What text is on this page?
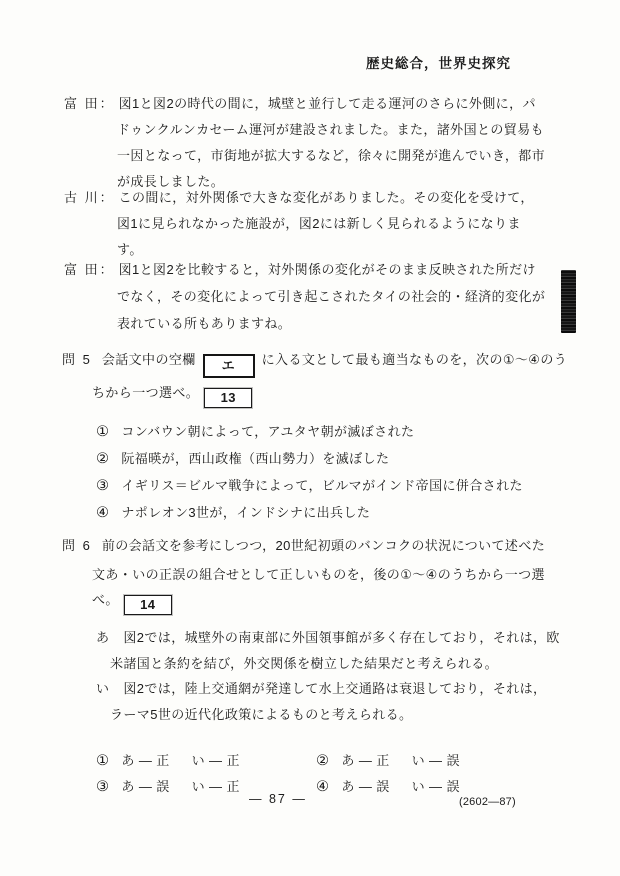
歴史総合，世界史探究
富 田： 図1と図2の時代の間に，城壁と並行して走る運河のさらに外側に，パ
ドゥンクルンカセーム運河が建設されました。また，諸外国との貿易も
一因となって，市街地が拡大するなど，徐々に開発が進んでいき，都市
が成長しました。
古 川： この間に，対外関係で大きな変化がありました。その変化を受けて，
図1に見られなかった施設が，図2には新しく見られるようになりま
す。
富 田： 図1と図2を比較すると，対外関係の変化がそのまま反映された所だけ
でなく，その変化によって引き起こされたタイの社会的・経済的変化が
表れている所もありますね。
問 5 会話文中の空欄 エ に入る文として最も適当なものを，次の①～④のう
ちから一つ選べ。 13
① コンバウン朝によって，アユタヤ朝が滅ぼされた
② 阮福暎が，西山政権（西山勢力）を滅ぼした
③ イギリス＝ビルマ戦争によって，ビルマがインド帝国に併合された
④ ナポレオン3世が，インドシナに出兵した
問 6 前の会話文を参考にしつつ，20世紀初頭のバンコクの状況について述べた
文あ・いの正誤の組合せとして正しいものを，後の①～④のうちから一つ選
べ。 14
あ 図2では，城壁外の南東部に外国領事館が多く存在しており，それは，欧
米諸国と条約を結び，外交関係を樹立した結果だと考えられる。
い 図2では，陸上交通網が発達して水上交通路は衰退しており，それは，
ラーマ5世の近代化政策によるものと考えられる。
① あ ― 正 い ― 正	② あ ― 正 い ― 誤
③ あ ― 誤 い ― 正	④ あ ― 誤 い ― 誤
— 87 —	(2602—87)
